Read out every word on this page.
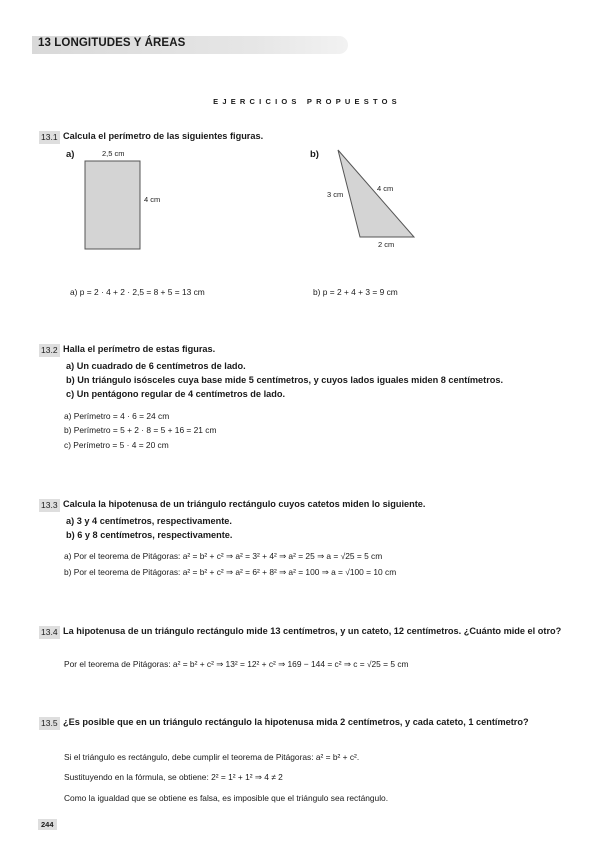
13 LONGITUDES Y ÁREAS
EJERCICIOS PROPUESTOS
13.1 Calcula el perímetro de las siguientes figuras.
a)	2,5 cm
4 cm
b)
3 cm
4 cm
2 cm
a) p = 2 · 4 + 2 · 2,5 = 8 + 5 = 13 cm	b) p = 2 + 4 + 3 = 9 cm
13.2 Halla el perímetro de estas figuras.
a) Un cuadrado de 6 centímetros de lado.
b) Un triángulo isósceles cuya base mide 5 centímetros, y cuyos lados iguales miden 8 centímetros.
c) Un pentágono regular de 4 centímetros de lado.
a) Perímetro = 4 · 6 = 24 cm
b) Perímetro = 5 + 2 · 8 = 5 + 16 = 21 cm
c) Perímetro = 5 · 4 = 20 cm
13.3 Calcula la hipotenusa de un triángulo rectángulo cuyos catetos miden lo siguiente.
a) 3 y 4 centímetros, respectivamente.
b) 6 y 8 centímetros, respectivamente.
a) Por el teorema de Pitágoras: a² = b² + c² ⇒ a² = 3² + 4² ⇒ a² = 25 ⇒ a = √25 = 5 cm
b) Por el teorema de Pitágoras: a² = b² + c² ⇒ a² = 6² + 8² ⇒ a² = 100 ⇒ a = √100 = 10 cm
13.4 La hipotenusa de un triángulo rectángulo mide 13 centímetros, y un cateto, 12 centímetros. ¿Cuánto mide el otro?
Por el teorema de Pitágoras: a² = b² + c² ⇒ 13² = 12² + c² ⇒ 169 − 144 = c² ⇒ c = √25 = 5 cm
13.5 ¿Es posible que en un triángulo rectángulo la hipotenusa mida 2 centímetros, y cada cateto, 1 centímetro?
Si el triángulo es rectángulo, debe cumplir el teorema de Pitágoras: a² = b² + c².
Sustituyendo en la fórmula, se obtiene: 2² = 1² + 1² ⇒ 4 ≠ 2
Como la igualdad que se obtiene es falsa, es imposible que el triángulo sea rectángulo.
244
